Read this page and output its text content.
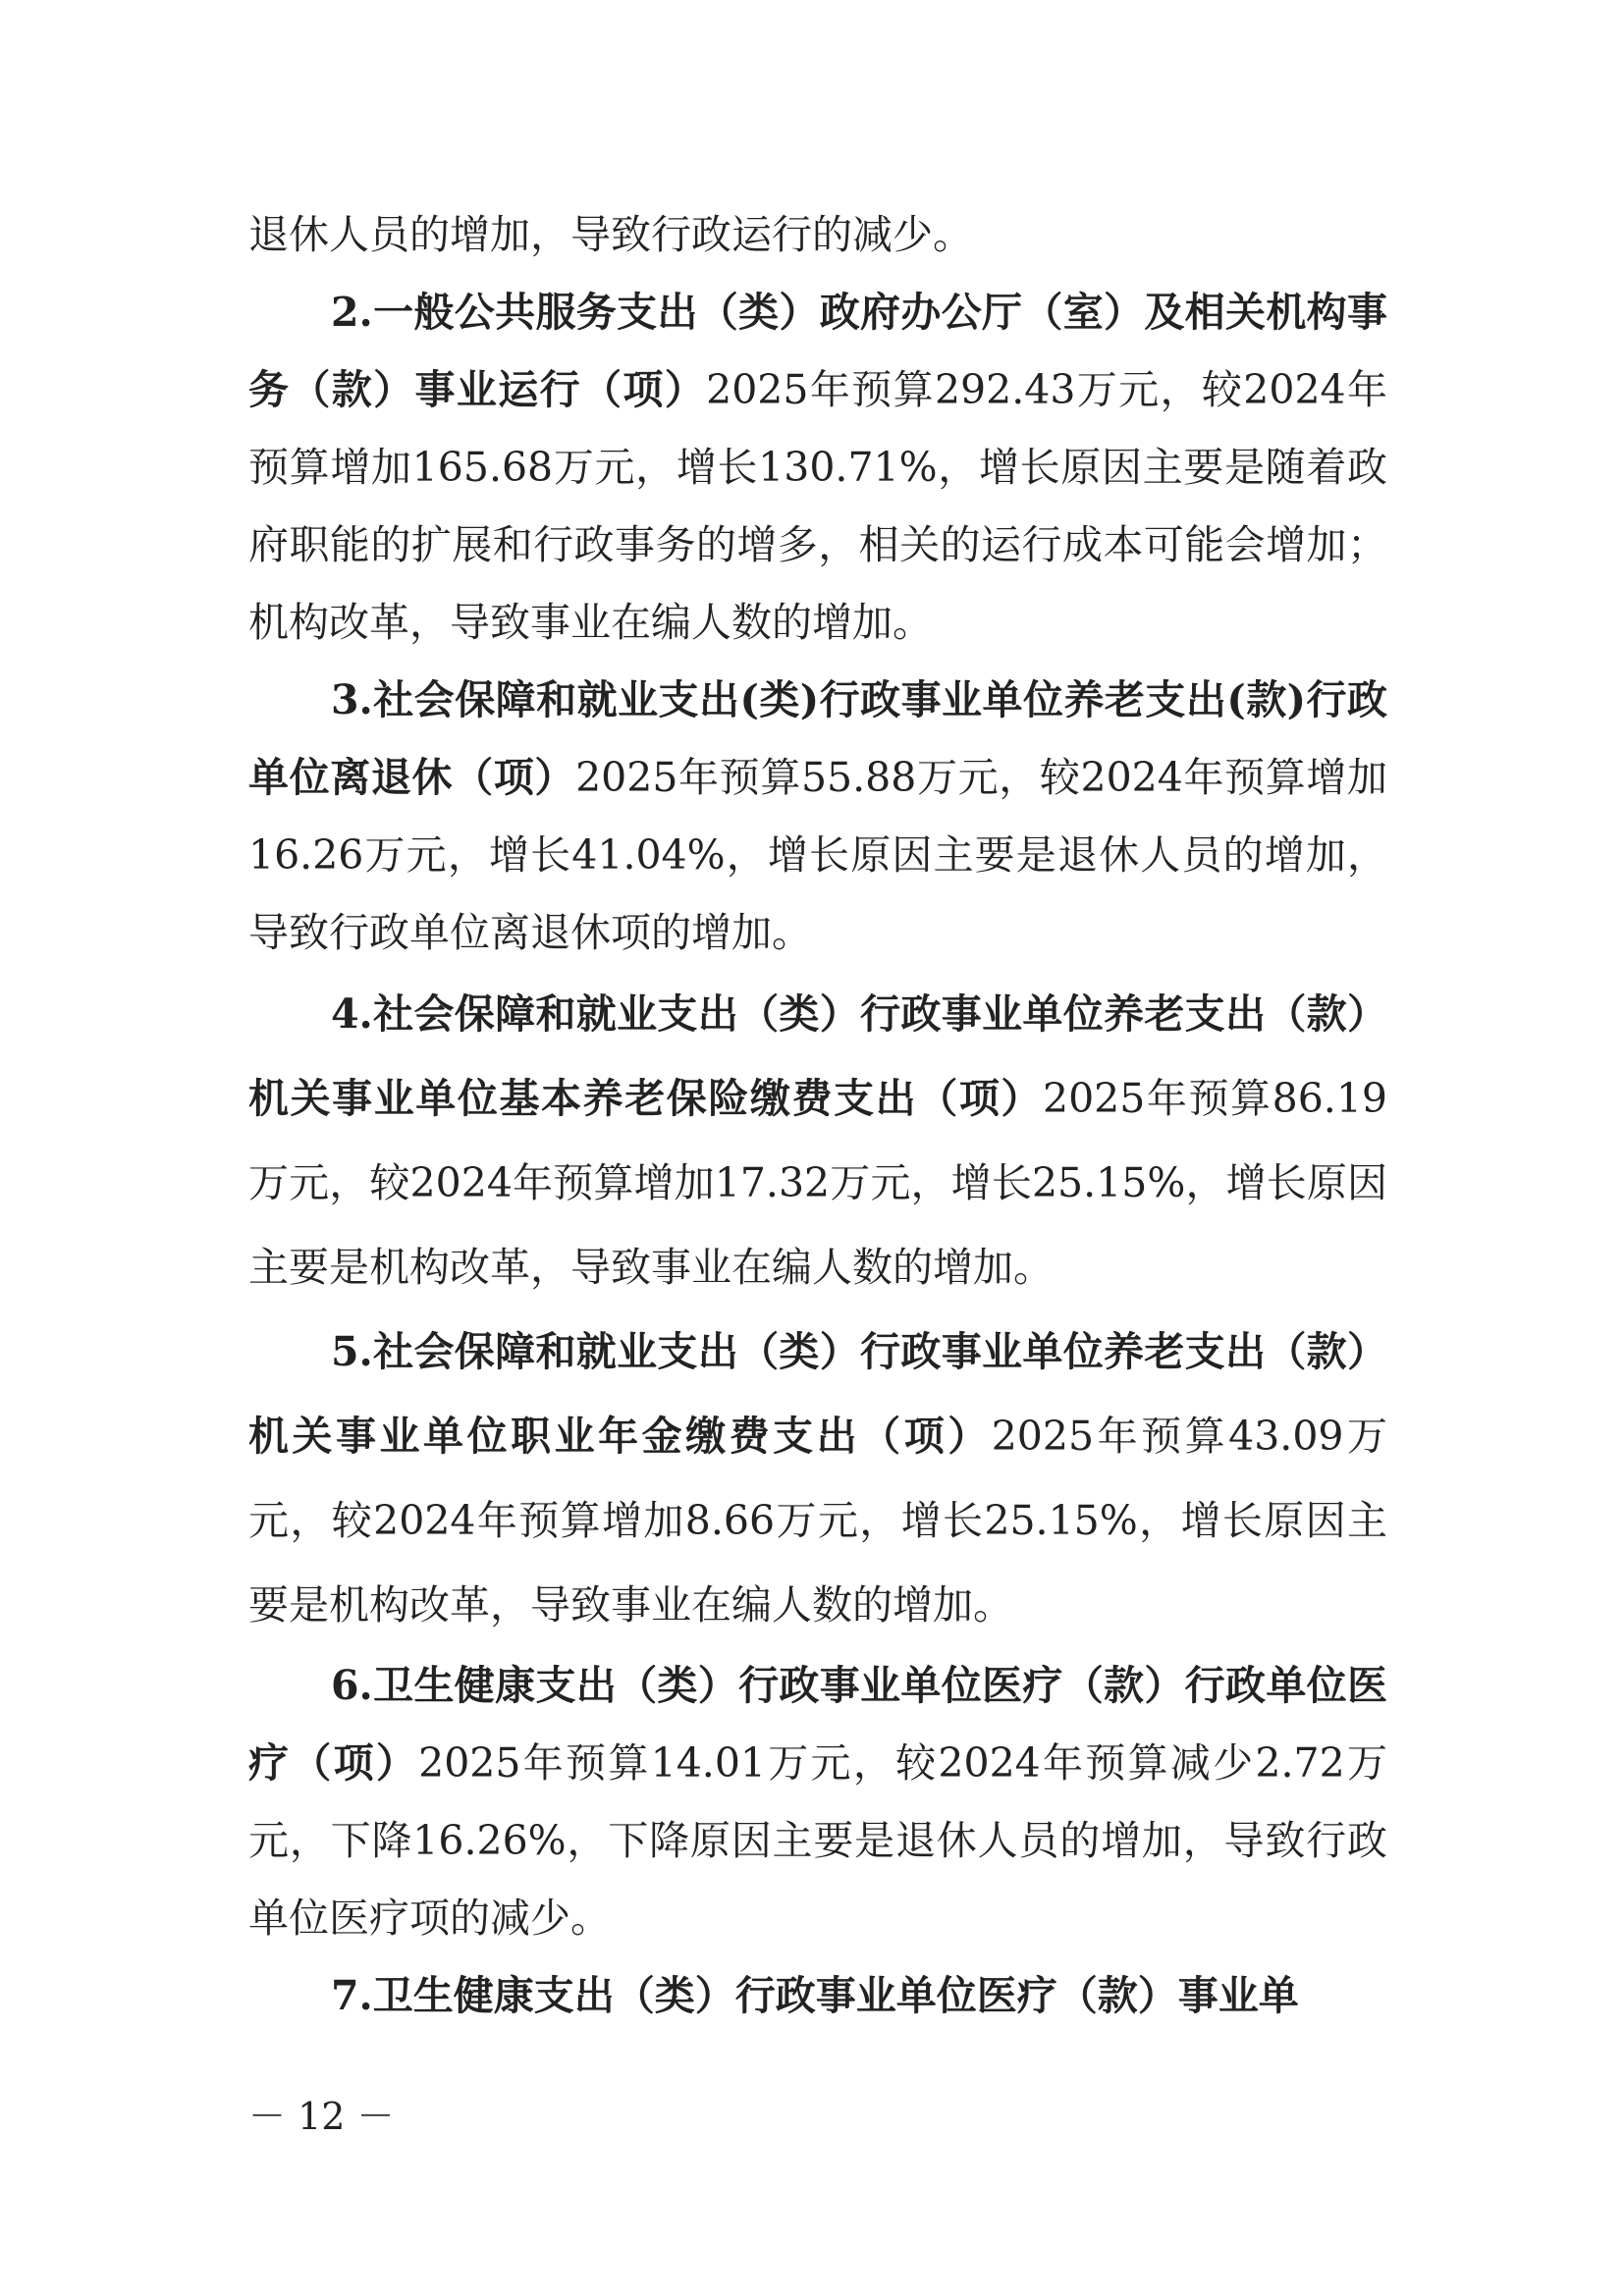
退休人员的增加，导致行政运行的减少。

2.一般公共服务支出（类）政府办公厅（室）及相关机构事务（款）事业运行（项）2025年预算292.43万元，较2024年预算增加165.68万元，增长130.71%，增长原因主要是随着政府职能的扩展和行政事务的增多，相关的运行成本可能会增加；机构改革，导致事业在编人数的增加。

3.社会保障和就业支出(类)行政事业单位养老支出(款)行政单位离退休（项）2025年预算55.88万元，较2024年预算增加16.26万元，增长41.04%，增长原因主要是退休人员的增加，导致行政单位离退休项的增加。

4.社会保障和就业支出（类）行政事业单位养老支出（款）机关事业单位基本养老保险缴费支出（项）2025年预算86.19万元，较2024年预算增加17.32万元，增长25.15%，增长原因主要是机构改革，导致事业在编人数的增加。

5.社会保障和就业支出（类）行政事业单位养老支出（款）机关事业单位职业年金缴费支出（项）2025年预算43.09万元，较2024年预算增加8.66万元，增长25.15%，增长原因主要是机构改革，导致事业在编人数的增加。

6.卫生健康支出（类）行政事业单位医疗（款）行政单位医疗（项）2025年预算14.01万元，较2024年预算减少2.72万元，下降16.26%，下降原因主要是退休人员的增加，导致行政单位医疗项的减少。

7.卫生健康支出（类）行政事业单位医疗（款）事业单

－ 12 －
